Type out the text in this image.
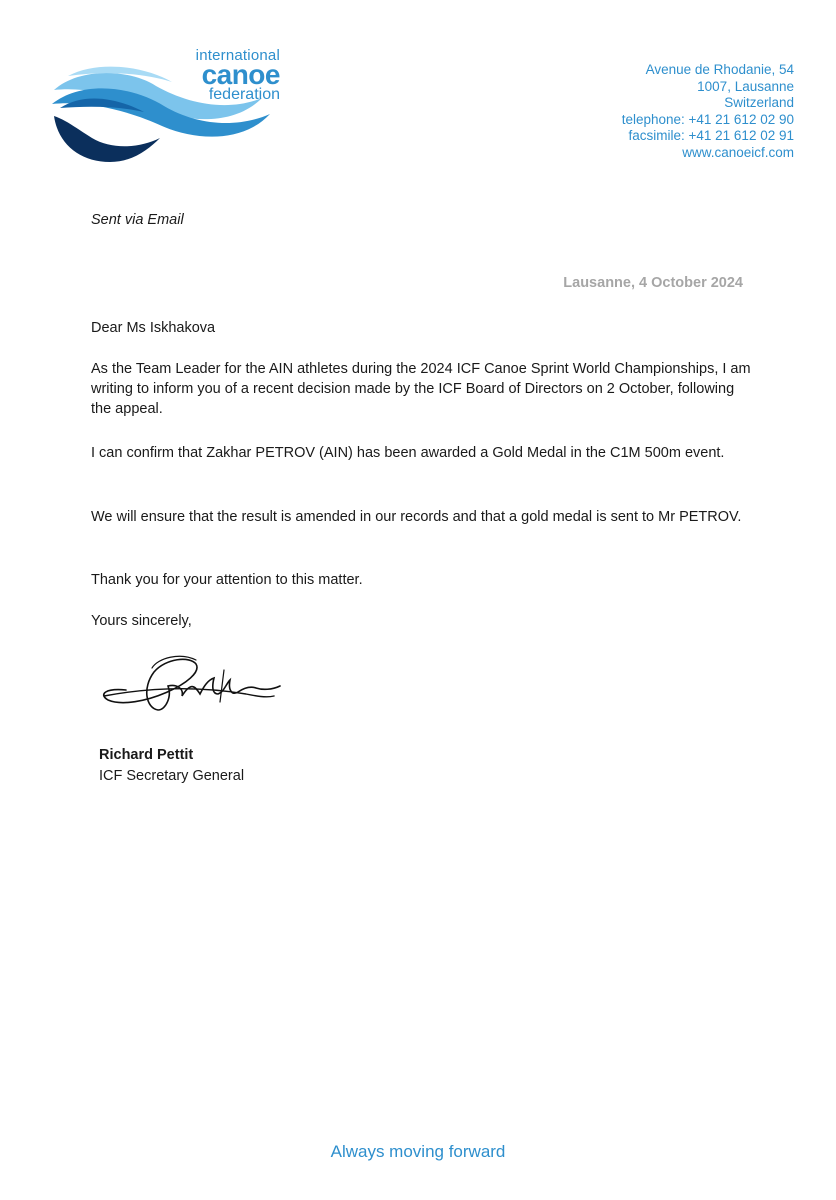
international
canoe
federation
Avenue de Rhodanie, 54
1007, Lausanne
Switzerland
telephone: +41 21 612 02 90
facsimile: +41 21 612 02 91
www.canoeicf.com
Sent via Email
Lausanne, 4 October 2024

Dear Ms Iskhakova

As the Team Leader for the AIN athletes during the 2024 ICF Canoe Sprint World Championships, I am writing to inform you of a recent decision made by the ICF Board of Directors on 2 October, following the appeal.

I can confirm that Zakhar PETROV (AIN) has been awarded a Gold Medal in the C1M 500m event.

We will ensure that the result is amended in our records and that a gold medal is sent to Mr PETROV.

Thank you for your attention to this matter.

Yours sincerely,

Richard Pettit
ICF Secretary General
Always moving forward
